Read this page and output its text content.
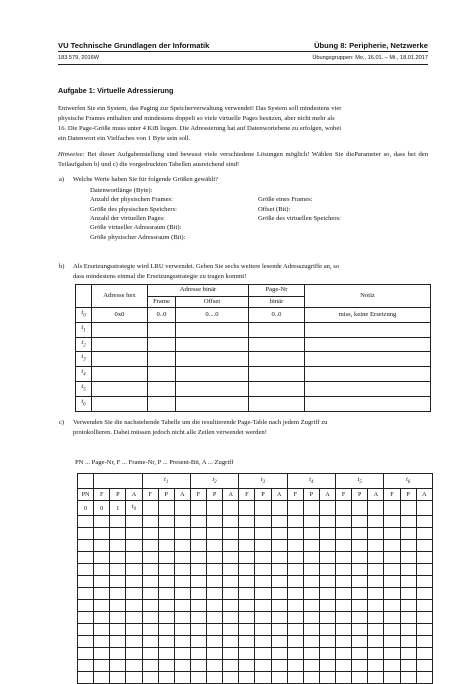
VU Technische Grundlagen der Informatik	Übung 8: Peripherie, Netzwerke
183.579, 2016W	Übungsgruppen: Mo., 16.01. – Mi., 18.01.2017
Aufgabe 1: Virtuelle Adressierung
Entwerfen Sie ein System, das Paging zur Speicherverwaltung verwendet! Das System soll mindestens vier
physische Frames enthalten und mindestens doppelt so viele virtuelle Pages besitzen, aber nicht mehr als
16. Die Page-Größe muss unter 4 KiB liegen. Die Adressierung hat auf Datenwortebene zu erfolgen, wobei
ein Datenwort ein Vielfaches von 1 Byte sein soll.
Hinweise: Bei dieser Aufgabenstellung sind bewusst viele verschiedene Lösungen möglich! Wählen Sie dieParameter so, dass bei den Teilaufgaben b) und c) die vorgedruckten Tabellen ausreichend sind!
a) Welche Werte haben Sie für folgende Größen gewählt?
Datenwortlänge (Byte):
Anzahl der physischen Frames:
Größe des physischen Speichers:
Anzahl der virtuellen Pages:
Größe virtueller Adressraum (Bit):
Größe physischer Adressraum (Bit):
Größe eines Frames:
Offset (Bit):
Größe des virtuellen Speichers:
b) Als Ersetzungsstrategie wird LRU verwendet. Geben Sie sechs weitere lesende Adresszugriffe an, so
dass mindestens einmal die Ersetzungsstrategie zu tragen kommt!
	Adresse hex	Adresse binär		Page-Nr	Notiz
		Frame	Offset	binär	
$t_0$	0x0	0..0	0....0	0..0	miss, keine Ersetzung
$t_1$					
$t_2$					
$t_3$					
$t_4$					
$t_5$					
$t_6$					
c) Verwenden Sie die nachstehende Tabelle um die resultierende Page-Table nach jedem Zugriff zu
protokollieren. Dabei müssen jedoch nicht alle Zeilen verwendet werden!
PN ... Page-Nr, F ... Frame-Nr, P ... Present-Bit, A ... Zugriff
				$t_1$			$t_2$			$t_3$			$t_4$			$t_5$			$t_6$
PN	F	P	A	F	P	A	F	P	A	F	P	A	F	P	A	F	P	A	F	P	A
0	0	1	$t_0$																		
